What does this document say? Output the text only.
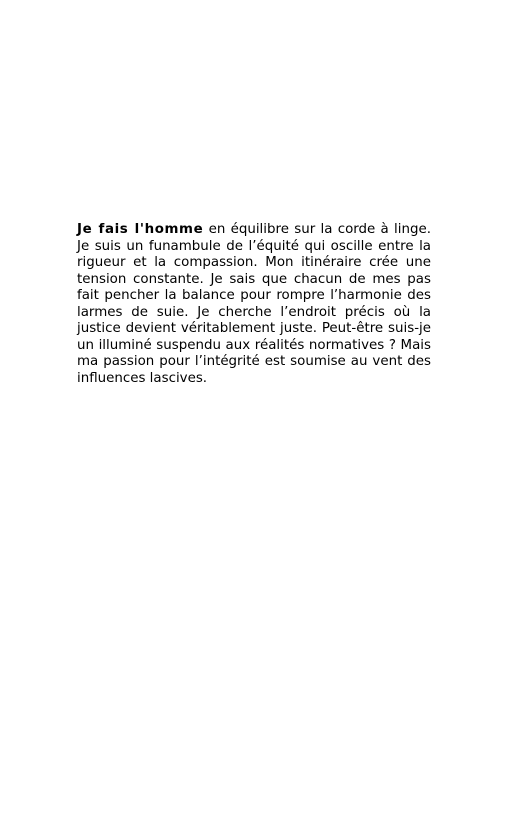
Je fais l'homme en équilibre sur la corde à linge. Je suis un funambule de l’équité qui oscille entre la rigueur et la compassion. Mon itinéraire crée une tension constante. Je sais que chacun de mes pas fait pencher la balance pour rompre l’harmonie des larmes de suie. Je cherche l’endroit précis où la justice devient véritablement juste. Peut-être suis-je un illuminé suspendu aux réalités normatives ? Mais ma passion pour l’intégrité est soumise au vent des influences lascives.
